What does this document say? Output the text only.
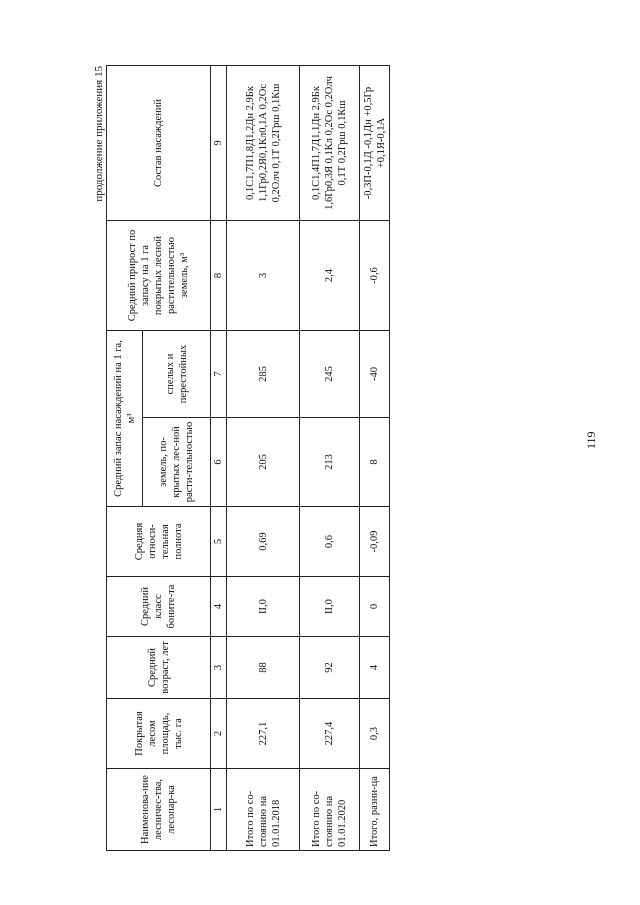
продолжение приложения 15
Наименова-ние лесничес-тва, лесопар-ка	Покрытая лесом площадь, тыс. га	Средний возраст, лет	Средний класс боните-та	Средняя относи-тельная полнота	Средний запас насаждений на 1 га, м³		Средний прирост по запасу на 1 га покрытых лесной растительностью земель, м³	Состав насаждений
					земель, по-крытых лес-ной расти-тельностью	спелых и перестойных		
1	2	3	4	5	6	7	8	9
Итого по со-стоянию на 01.01.2018	227,1	88	II,0	0,69	205	285	3	0,1С1,7П1,8Д1,2Дн 2,9Бк 1,1Гр0,2Я0,1Кл0,1А 0,2Ос 0,2Олч 0,1Т 0,2Грш 0,1Кш
Итого по со-стоянию на 01.01.2020	227,4	92	II,0	0,6	213	245	2,4	0,1С1,4П1,7Д1,1Дн 2,9Бк 1,6Гр0,3Я 0,1Кл 0,2Ос 0,2Олч 0,1Т 0,2Грш 0,1Кш
Итого, разни-ца	0,3	4	0	-0,09	8	-40	-0,6	-0,3П-0,1Д -0,1Дн +0,5Гр +0,1Я-0,1А
119
